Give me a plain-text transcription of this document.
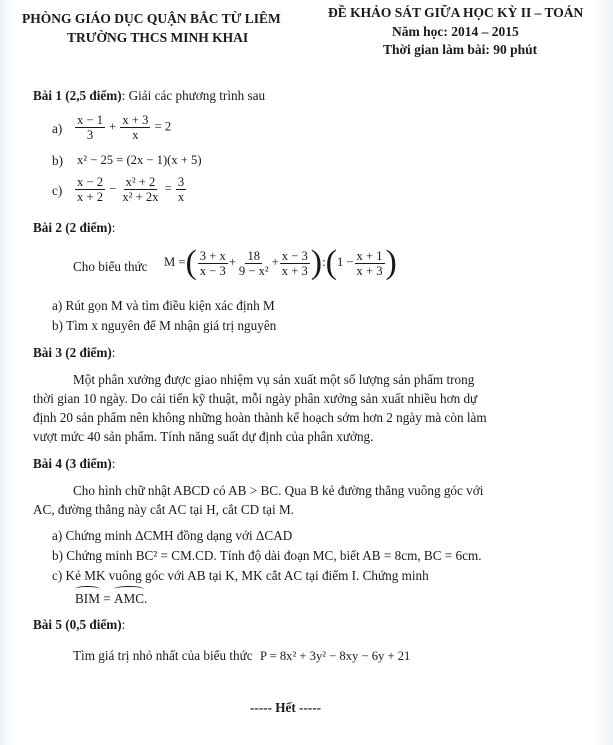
PHÒNG GIÁO DỤC QUẬN BẮC TỪ LIÊM
TRƯỜNG THCS MINH KHAI
ĐỀ KHẢO SÁT GIỮA HỌC KỲ II – TOÁN
Năm học: 2014 – 2015
Thời gian làm bài: 90 phút
Bài 1 (2,5 điểm): Giải các phương trình sau
$a) \frac{x - 1}{3} + \frac{x + 3}{x} = 2$
b) x² − 25 = (2x − 1)(x + 5)
$c) \frac{x - 2}{x + 2} - \frac{\text{x² + 2}}{\text{x² + 2x}} = \frac{3}{x}$
Bài 2 (2 điểm):
Cho biểu thức M =( $\frac{3 + x}{x - 3} + \frac{18}{\text{9 − x²}} + \frac{x - 3}{x + 3}$ ):(1 − $\frac{x + 1}{x + 3}$ )
a) Rút gọn M và tìm điều kiện xác định M
b) Tìm x nguyên để M nhận giá trị nguyên
Bài 3 (2 điểm):
Một phân xưởng được giao nhiệm vụ sản xuất một số lượng sản phẩm trong
thời gian 10 ngày. Do cải tiến kỹ thuật, mỗi ngày phân xưởng sản xuất nhiều hơn dự
định 20 sản phẩm nên không những hoàn thành kế hoạch sớm hơn 2 ngày mà còn làm
vượt mức 40 sản phẩm. Tính năng suất dự định của phân xưởng.
Bài 4 (3 điểm):
Cho hình chữ nhật ABCD có AB > BC. Qua B kẻ đường thẳng vuông góc với
AC, đường thẳng này cắt AC tại H, cắt CD tại M.
a) Chứng minh ΔCMH đồng dạng với ΔCAD
b) Chứng minh BC² = CM.CD. Tính độ dài đoạn MC, biết AB = 8cm, BC = 6cm.
c) Kẻ MK vuông góc với AB tại K, MK cắt AC tại điểm I. Chứng minh
BIM = AMC.
Bài 5 (0,5 điểm):
Tìm giá trị nhỏ nhất của biểu thức P = 8x² + 3y² − 8xy − 6y + 21
----- Hết -----
